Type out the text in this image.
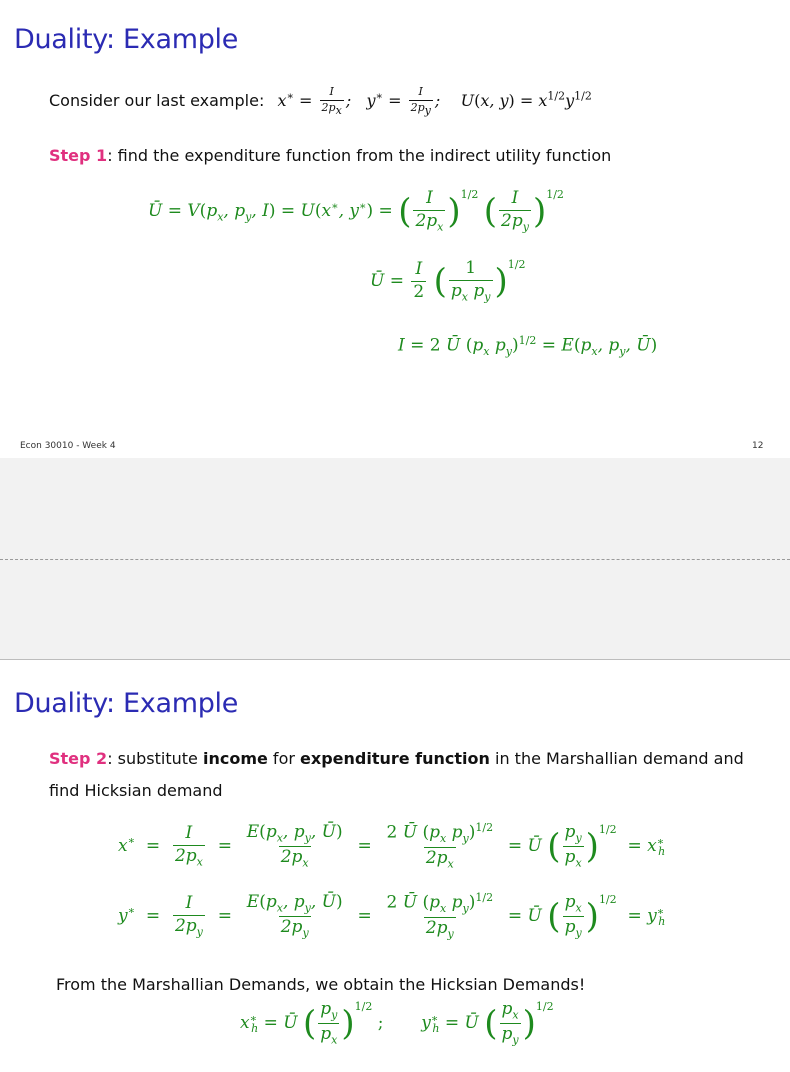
Duality: Example
Consider our last example: $x^∗ = \frac{I}{2p_x}$ ;   $y^∗ = \frac{I}{2p_y}$ ;    U(x, $y) = x^{1/2}y^{1/2}$
Step 1: find the expenditure function from the indirect utility function
Ū = $V(p_x$, $p_y$, I) = U(x∗, y∗) = ( $\frac{I}{2p_x} )^{1/2}$ ( $\frac{I}{2p_y} )^{1/2}$
Ū = $\frac{I}{2}$ ( $\frac{1}{p_x p_y} )^{1/2}$
I = 2 Ū ($p_x$ $p_y)^{1/2} = E(p_x$, $p_y$, Ū)
Econ 30010 - Week 4	12
Duality: Example
Step 2: substitute income for expenditure function in the Marshallian demand and
find Hicksian demand
$x^∗ = \frac{I}{2p_x} = \frac{E(p_x, p_y, Ū)}{2p_x} = \frac{2 Ū (p_x p_y)^{1/2}}{2p_x}$ = Ū ( $\frac{p_y}{p_x} )^{1/2} = x^∗_h$
$y^∗ = \frac{I}{2p_y} = \frac{E(p_x, p_y, Ū)}{2p_y} = \frac{2 Ū (p_x p_y)^{1/2}}{2p_y}$ = Ū ( $\frac{p_x}{p_y} )^{1/2} = y^∗_h$
From the Marshallian Demands, we obtain the Hicksian Demands!
$x^∗_h$ = Ū ( $\frac{p_y}{p_x} )^{1/2}$ ;       $y^∗_h$ = Ū ( $\frac{p_x}{p_y} )^{1/2}$
